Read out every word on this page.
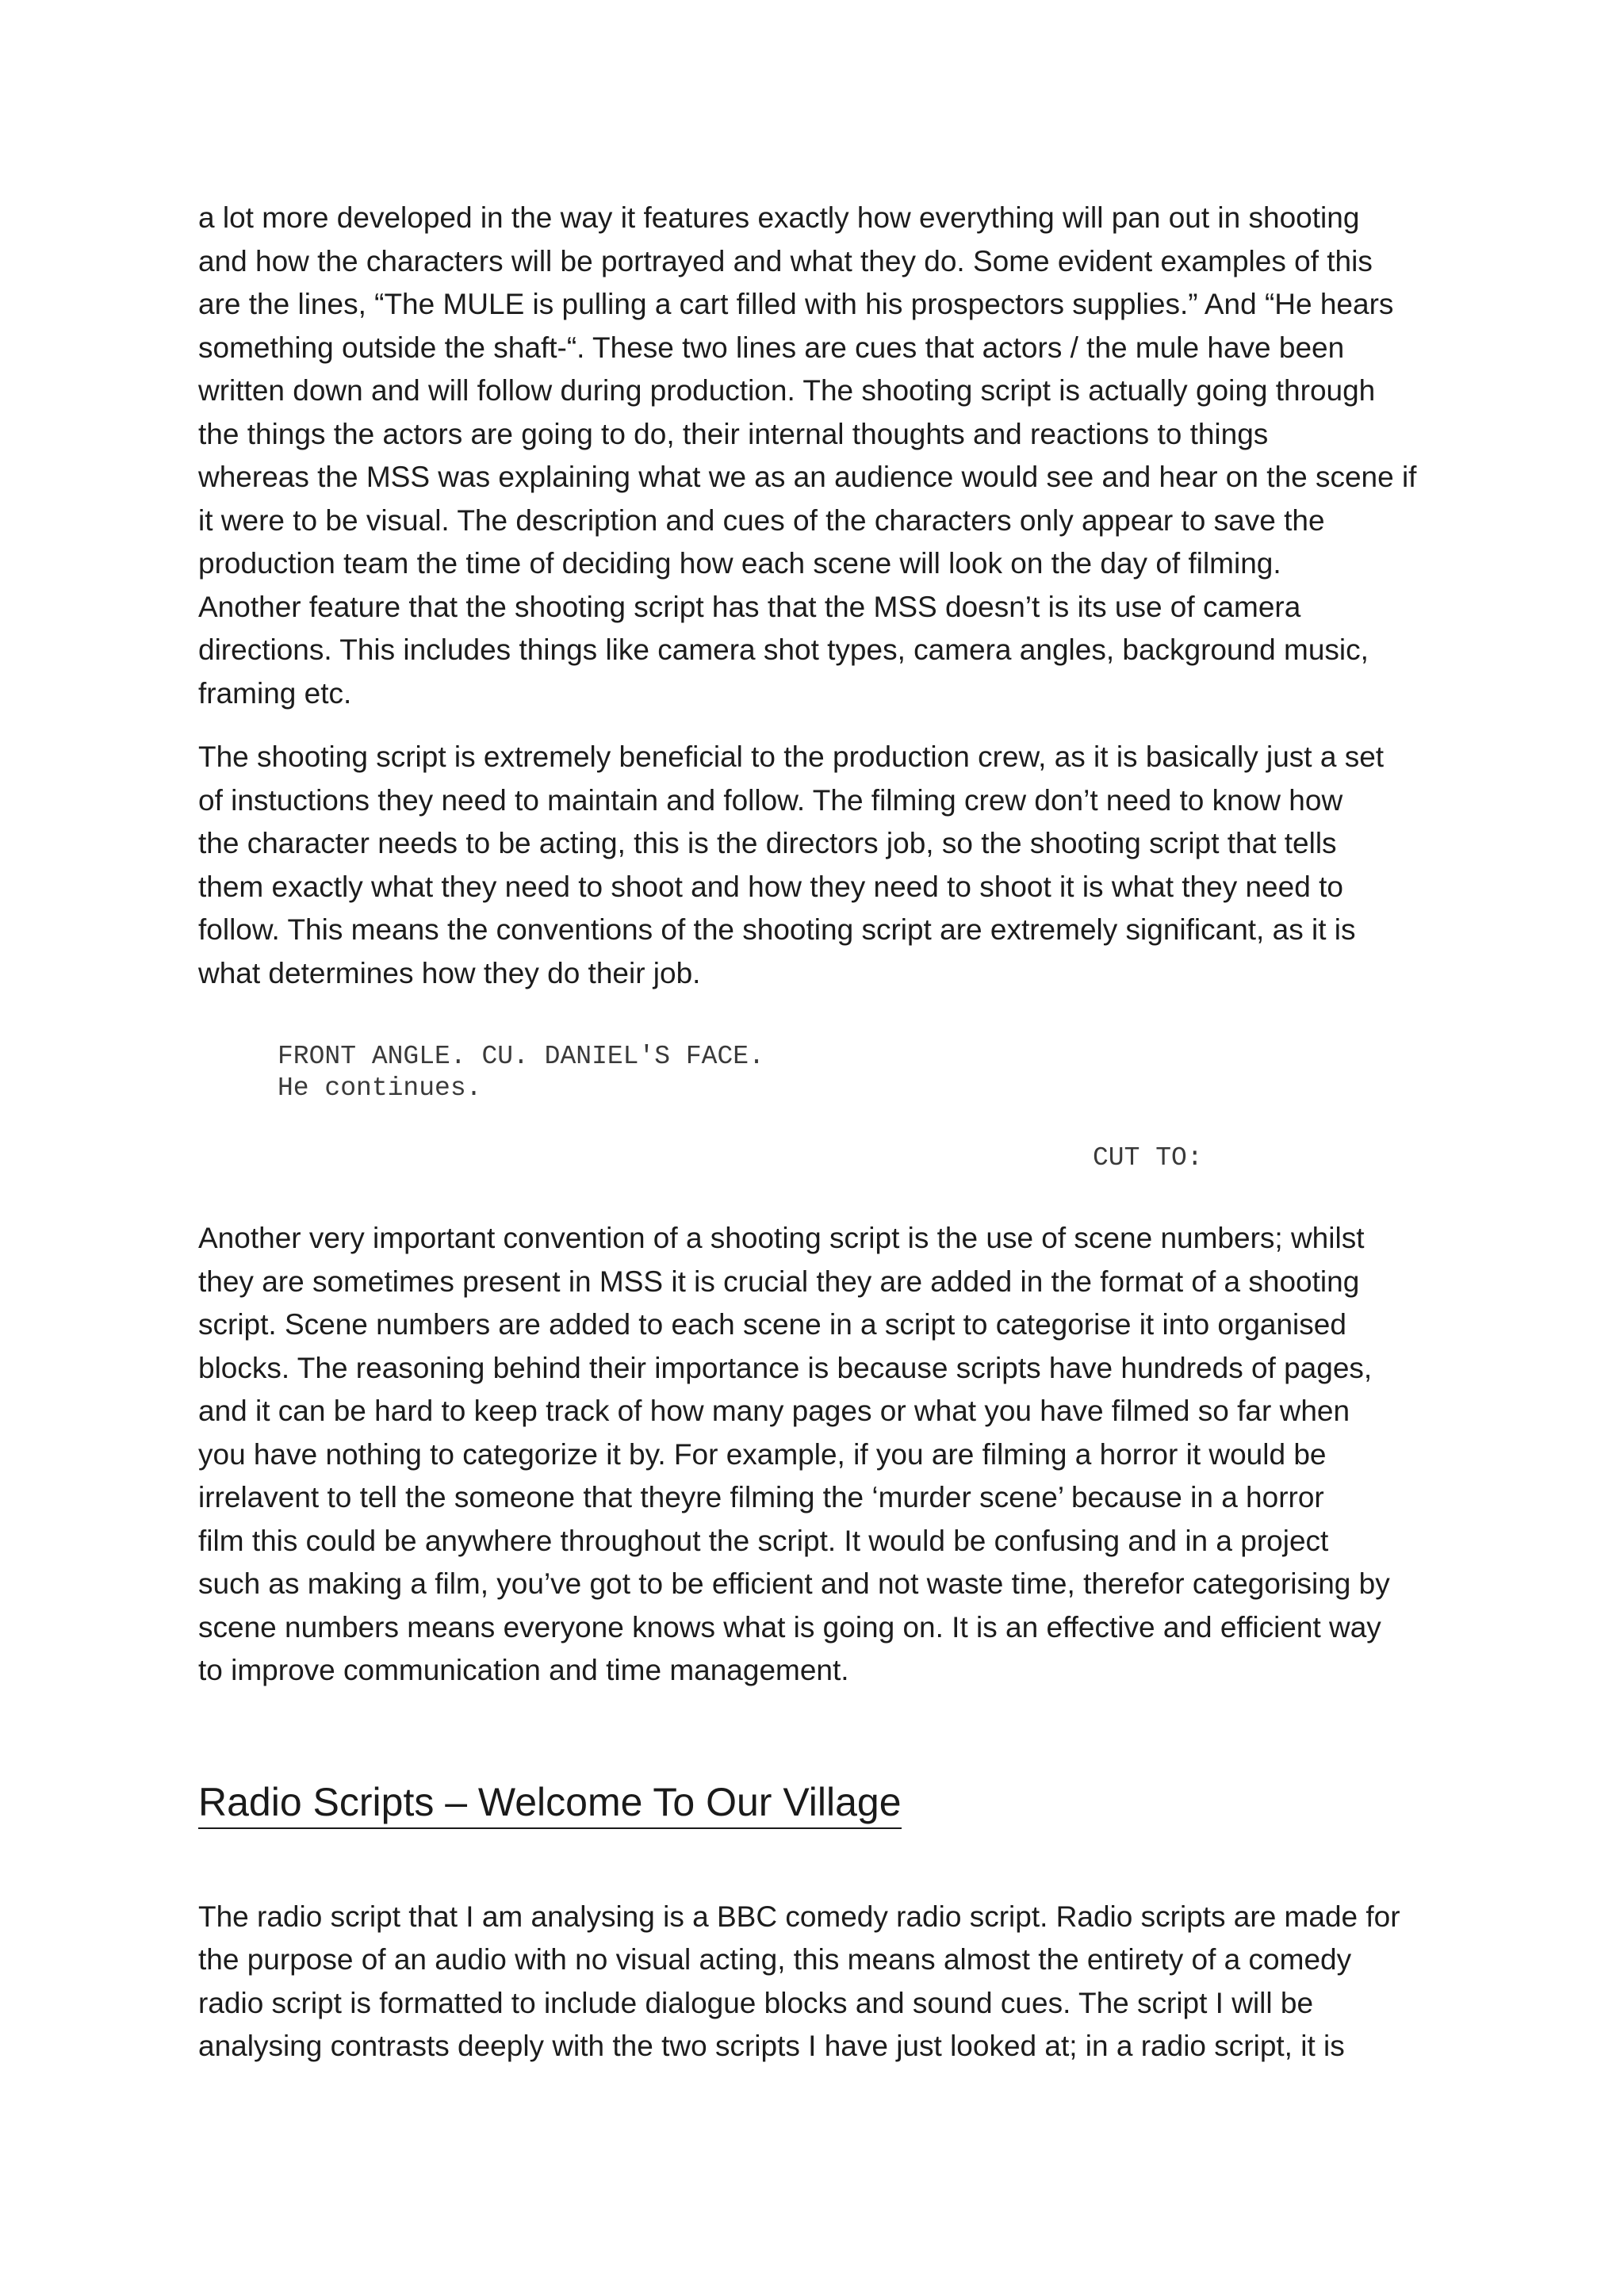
a lot more developed in the way it features exactly how everything will pan out in shooting
and how the characters will be portrayed and what they do. Some evident examples of this
are the lines, “The MULE is pulling a cart filled with his prospectors supplies.” And “He hears
something outside the shaft-“. These two lines are cues that actors / the mule have been
written down and will follow during production. The shooting script is actually going through
the things the actors are going to do, their internal thoughts and reactions to things
whereas the MSS was explaining what we as an audience would see and hear on the scene if
it were to be visual. The description and cues of the characters only appear to save the
production team the time of deciding how each scene will look on the day of filming.
Another feature that the shooting script has that the MSS doesn’t is its use of camera
directions. This includes things like camera shot types, camera angles, background music,
framing etc.

The shooting script is extremely beneficial to the production crew, as it is basically just a set
of instuctions they need to maintain and follow. The filming crew don’t need to know how
the character needs to be acting, this is the directors job, so the shooting script that tells
them exactly what they need to shoot and how they need to shoot it is what they need to
follow. This means the conventions of the shooting script are extremely significant, as it is
what determines how they do their job.

FRONT ANGLE. CU. DANIEL'S FACE.
He continues.
CUT TO:

Another very important convention of a shooting script is the use of scene numbers; whilst
they are sometimes present in MSS it is crucial they are added in the format of a shooting
script. Scene numbers are added to each scene in a script to categorise it into organised
blocks. The reasoning behind their importance is because scripts have hundreds of pages,
and it can be hard to keep track of how many pages or what you have filmed so far when
you have nothing to categorize it by. For example, if you are filming a horror it would be
irrelavent to tell the someone that theyre filming the ‘murder scene’ because in a horror
film this could be anywhere throughout the script. It would be confusing and in a project
such as making a film, you’ve got to be efficient and not waste time, therefor categorising by
scene numbers means everyone knows what is going on. It is an effective and efficient way
to improve communication and time management.

Radio Scripts – Welcome To Our Village

The radio script that I am analysing is a BBC comedy radio script. Radio scripts are made for
the purpose of an audio with no visual acting, this means almost the entirety of a comedy
radio script is formatted to include dialogue blocks and sound cues. The script I will be
analysing contrasts deeply with the two scripts I have just looked at; in a radio script, it is
